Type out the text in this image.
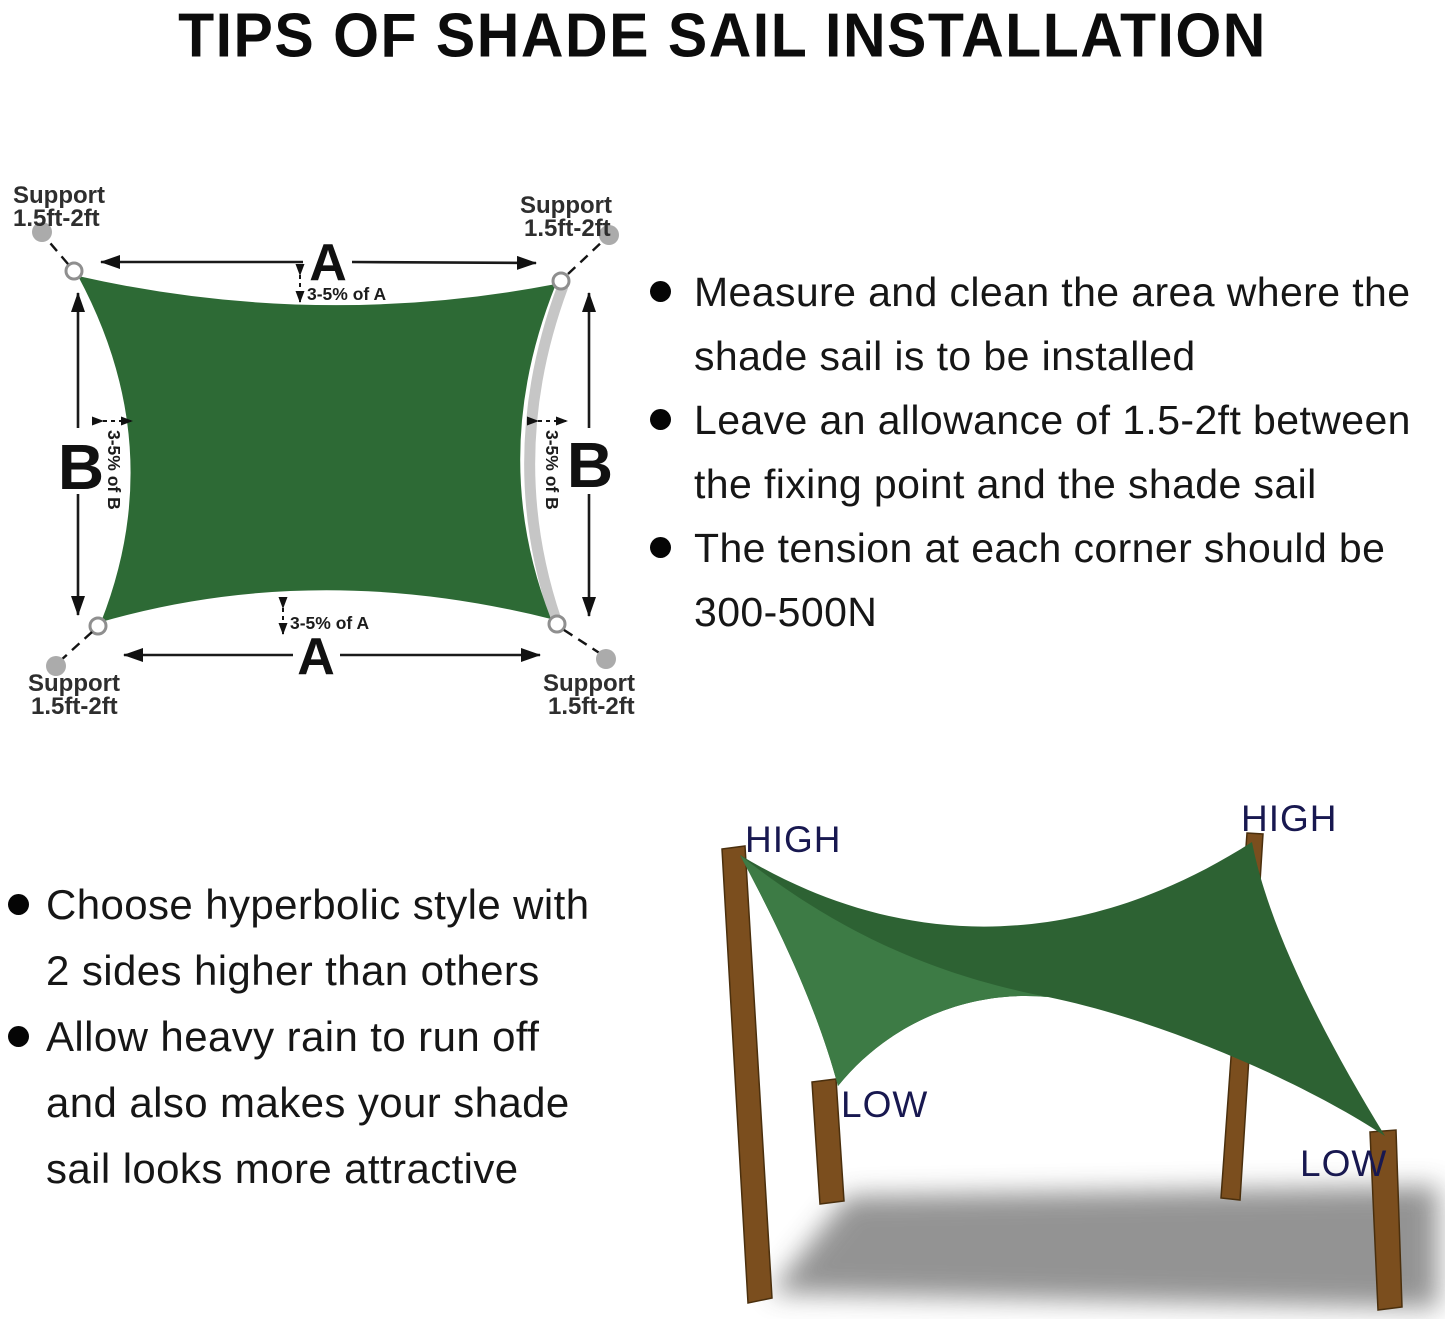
TIPS OF SHADE SAIL INSTALLATION
Support
1.5ft-2ft	Support
1.5ft-2ft
Support
1.5ft-2ft
Support
1.5ft-2ft
A
A
B	B
3-5% of A
3-5% of A
3-5% of B	3-5% of B
HIGH
HIGH
LOW
LOW
Measure and clean the area where the
shade sail is to be installed
Leave an allowance of 1.5-2ft between
the fixing point and the shade sail
The tension at each corner should be
300-500N
Choose hyperbolic style with
2 sides higher than others
Allow heavy rain to run off
and also makes your shade
sail looks more attractive
